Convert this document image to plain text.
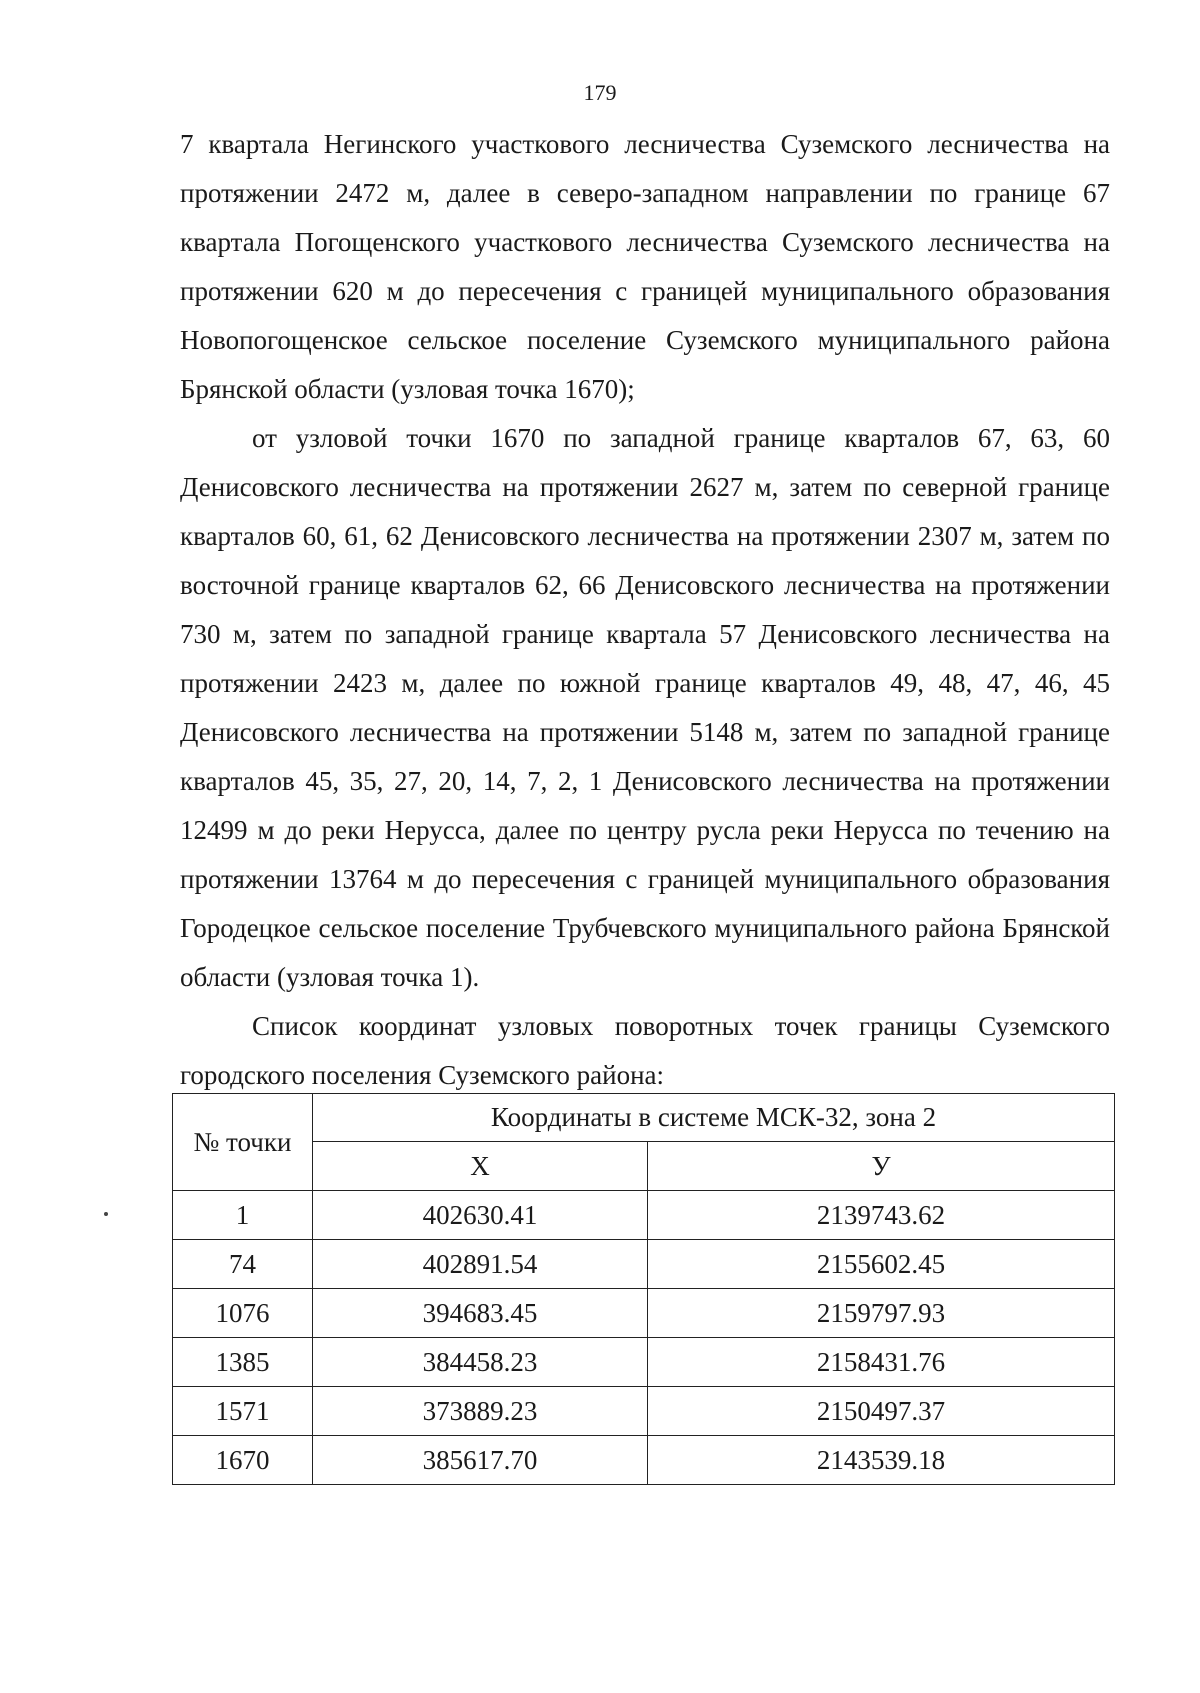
179

7 квартала Негинского участкового лесничества Суземского лесничества на протяжении 2472 м, далее в северо-западном направлении по границе 67 квартала Погощенского участкового лесничества Суземского лесничества на протяжении 620 м до пересечения с границей муниципального образования Новопогощенское сельское поселение Суземского муниципального района Брянской области (узловая точка 1670);

от узловой точки 1670 по западной границе кварталов 67, 63, 60 Денисовского лесничества на протяжении 2627 м, затем по северной границе кварталов 60, 61, 62 Денисовского лесничества на протяжении 2307 м, затем по восточной границе кварталов 62, 66 Денисовского лесничества на протяжении 730 м, затем по западной границе квартала 57 Денисовского лесничества на протяжении 2423 м, далее по южной границе кварталов 49, 48, 47, 46, 45 Денисовского лесничества на протяжении 5148 м, затем по западной границе кварталов 45, 35, 27, 20, 14, 7, 2, 1 Денисовского лесничества на протяжении 12499 м до реки Нерусса, далее по центру русла реки Нерусса по течению на протяжении 13764 м до пересечения с границей муниципального образования Городецкое сельское поселение Трубчевского муниципального района Брянской области (узловая точка 1).

Список координат узловых поворотных точек границы Суземского городского поселения Суземского района:

№ точки	Координаты в системе МСК-32, зона 2	
	X	У
1	402630.41	2139743.62
74	402891.54	2155602.45
1076	394683.45	2159797.93
1385	384458.23	2158431.76
1571	373889.23	2150497.37
1670	385617.70	2143539.18
